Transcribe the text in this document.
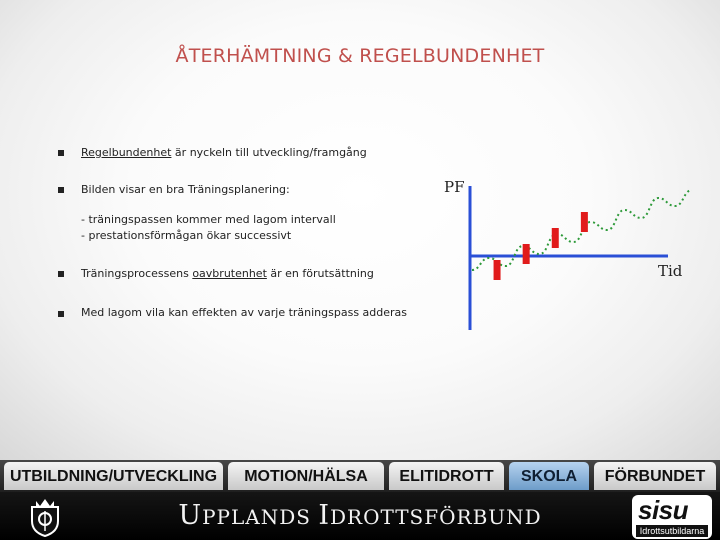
ÅTERHÄMTNING & REGELBUNDENHET
Regelbundenhet är nyckeln till utveckling/framgång
Bilden visar en bra Träningsplanering:
- träningspassen kommer med lagom intervall
- prestationsförmågan ökar successivt
Träningsprocessens oavbrutenhet är en förutsättning
Med lagom vila kan effekten av varje träningspass adderas
PF
Tid
UTBILDNING/UTVECKLING	MOTION/HÄLSA	ELITIDROTT	SKOLA	FÖRBUNDET
UPPLANDS IDROTTSFÖRBUND	sisu
Idrottsutbildarna
